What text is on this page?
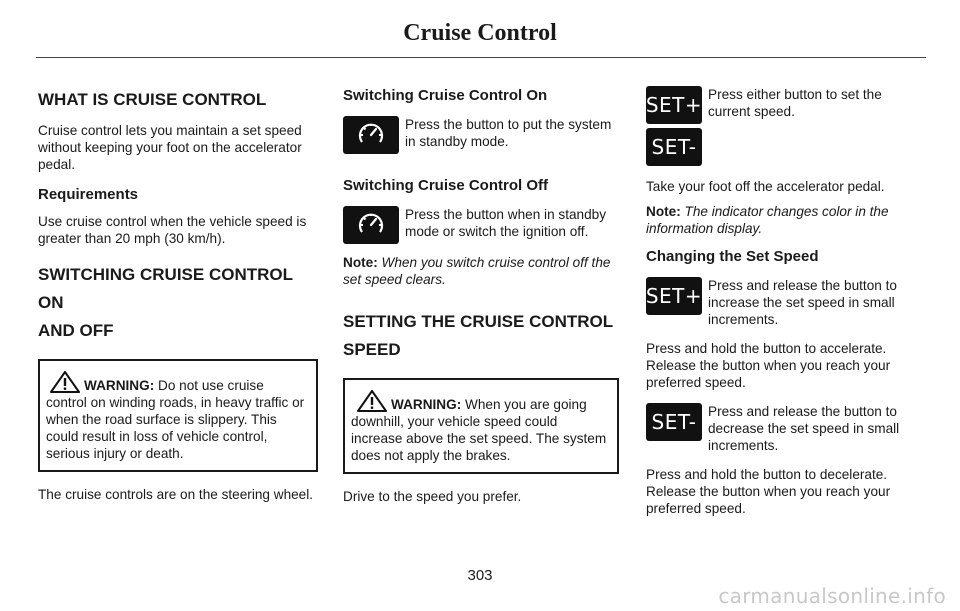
Cruise Control
WHAT IS CRUISE CONTROL

Cruise control lets you maintain a set speed without keeping your foot on the accelerator pedal.

Requirements

Use cruise control when the vehicle speed is greater than 20 mph (30 km/h).

SWITCHING CRUISE CONTROL ON
AND OFF
WARNING: Do not use cruise control on winding roads, in heavy traffic or when the road surface is slippery. This could result in loss of vehicle control, serious injury or death.

The cruise controls are on the steering wheel.

Switching Cruise Control On

Press the button to put the system in standby mode.

Switching Cruise Control Off

Press the button when in standby mode or switch the ignition off.

Note: When you switch cruise control off the set speed clears.

SETTING THE CRUISE CONTROL
SPEED
WARNING: When you are going downhill, your vehicle speed could increase above the set speed. The system does not apply the brakes.

Drive to the speed you prefer.

SET+ Press either button to set the current speed.

SET-

Take your foot off the accelerator pedal.

Note: The indicator changes color in the information display.

Changing the Set Speed
SET+ Press and release the button to increase the set speed in small increments.

Press and hold the button to accelerate. Release the button when you reach your preferred speed.

SET- Press and release the button to decrease the set speed in small increments.

Press and hold the button to decelerate. Release the button when you reach your preferred speed.

303
carmanualsonline.info
